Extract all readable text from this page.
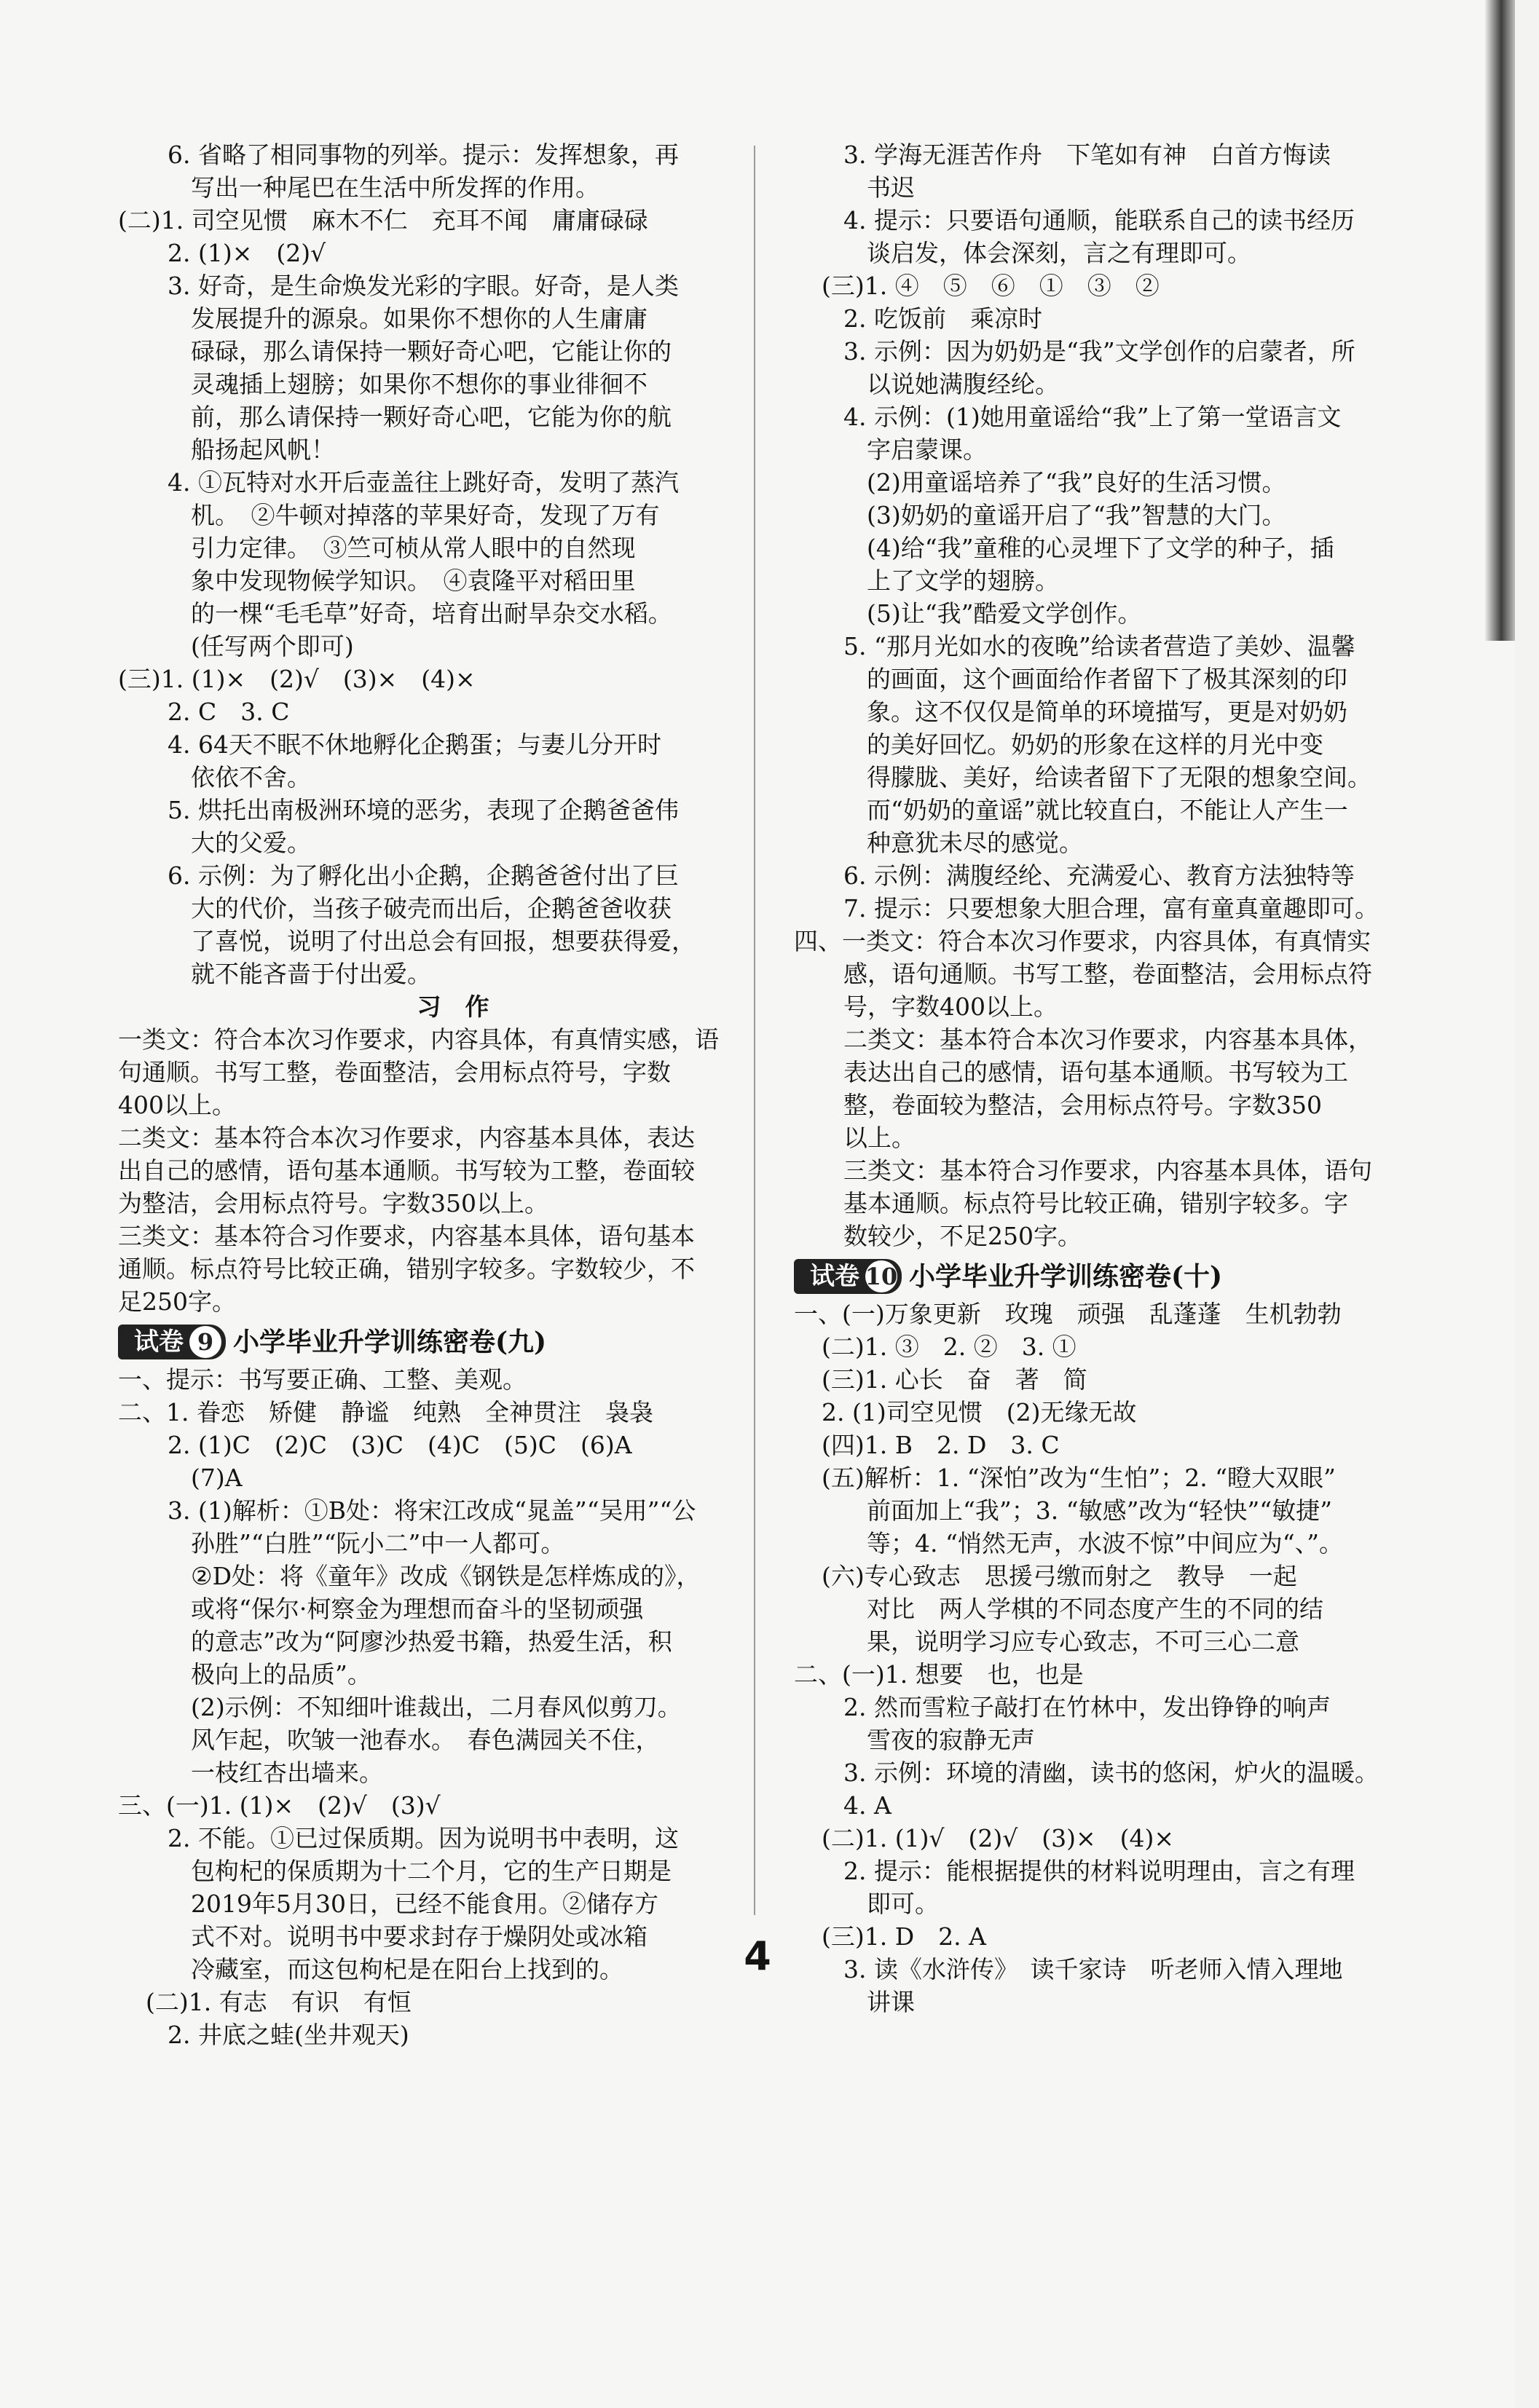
6. 省略了相同事物的列举。提示：发挥想象，再
写出一种尾巴在生活中所发挥的作用。
(二)1. 司空见惯　麻木不仁　充耳不闻　庸庸碌碌
2. (1)×　(2)√
3. 好奇，是生命焕发光彩的字眼。好奇，是人类
发展提升的源泉。如果你不想你的人生庸庸
碌碌，那么请保持一颗好奇心吧，它能让你的
灵魂插上翅膀；如果你不想你的事业徘徊不
前，那么请保持一颗好奇心吧，它能为你的航
船扬起风帆！
4. ①瓦特对水开后壶盖往上跳好奇，发明了蒸汽
机。　②牛顿对掉落的苹果好奇，发现了万有
引力定律。　③竺可桢从常人眼中的自然现
象中发现物候学知识。　④袁隆平对稻田里
的一棵“毛毛草”好奇，培育出耐旱杂交水稻。
(任写两个即可)
(三)1. (1)×　(2)√　(3)×　(4)×
2. C　3. C
4. 64天不眠不休地孵化企鹅蛋；与妻儿分开时
依依不舍。
5. 烘托出南极洲环境的恶劣，表现了企鹅爸爸伟
大的父爱。
6. 示例：为了孵化出小企鹅，企鹅爸爸付出了巨
大的代价，当孩子破壳而出后，企鹅爸爸收获
了喜悦，说明了付出总会有回报，想要获得爱，
就不能吝啬于付出爱。
习　作
一类文：符合本次习作要求，内容具体，有真情实感，语
句通顺。书写工整，卷面整洁，会用标点符号，字数
400以上。
二类文：基本符合本次习作要求，内容基本具体，表达
出自己的感情，语句基本通顺。书写较为工整，卷面较
为整洁，会用标点符号。字数350以上。
三类文：基本符合习作要求，内容基本具体，语句基本
通顺。标点符号比较正确，错别字较多。字数较少，不
足250字。
试卷 9 小学毕业升学训练密卷(九)
一、提示：书写要正确、工整、美观。
二、1. 眷恋　矫健　静谧　纯熟　全神贯注　袅袅
2. (1)C　(2)C　(3)C　(4)C　(5)C　(6)A
(7)A
3. (1)解析：①B处：将宋江改成“晁盖”“吴用”“公
孙胜”“白胜”“阮小二”中一人都可。
②D处：将《童年》改成《钢铁是怎样炼成的》，
或将“保尔·柯察金为理想而奋斗的坚韧顽强
的意志”改为“阿廖沙热爱书籍，热爱生活，积
极向上的品质”。
(2)示例：不知细叶谁裁出，二月春风似剪刀。
风乍起，吹皱一池春水。　春色满园关不住，
一枝红杏出墙来。
三、(一)1. (1)×　(2)√　(3)√
2. 不能。①已过保质期。因为说明书中表明，这
包枸杞的保质期为十二个月，它的生产日期是
2019年5月30日，已经不能食用。②储存方
式不对。说明书中要求封存于燥阴处或冰箱
冷藏室，而这包枸杞是在阳台上找到的。
(二)1. 有志　有识　有恒
2. 井底之蛙(坐井观天)
3. 学海无涯苦作舟　下笔如有神　白首方悔读
书迟
4. 提示：只要语句通顺，能联系自己的读书经历
谈启发，体会深刻，言之有理即可。
(三)1. ④　⑤　⑥　①　③　②
2. 吃饭前　乘凉时
3. 示例：因为奶奶是“我”文学创作的启蒙者，所
以说她满腹经纶。
4. 示例：(1)她用童谣给“我”上了第一堂语言文
字启蒙课。
(2)用童谣培养了“我”良好的生活习惯。
(3)奶奶的童谣开启了“我”智慧的大门。
(4)给“我”童稚的心灵埋下了文学的种子，插
上了文学的翅膀。
(5)让“我”酷爱文学创作。
5. “那月光如水的夜晚”给读者营造了美妙、温馨
的画面，这个画面给作者留下了极其深刻的印
象。这不仅仅是简单的环境描写，更是对奶奶
的美好回忆。奶奶的形象在这样的月光中变
得朦胧、美好，给读者留下了无限的想象空间。
而“奶奶的童谣”就比较直白，不能让人产生一
种意犹未尽的感觉。
6. 示例：满腹经纶、充满爱心、教育方法独特等
7. 提示：只要想象大胆合理，富有童真童趣即可。
四、一类文：符合本次习作要求，内容具体，有真情实
感，语句通顺。书写工整，卷面整洁，会用标点符
号，字数400以上。
二类文：基本符合本次习作要求，内容基本具体，
表达出自己的感情，语句基本通顺。书写较为工
整，卷面较为整洁，会用标点符号。字数350
以上。
三类文：基本符合习作要求，内容基本具体，语句
基本通顺。标点符号比较正确，错别字较多。字
数较少，不足250字。
试卷 10 小学毕业升学训练密卷(十)
一、(一)万象更新　玫瑰　顽强　乱蓬蓬　生机勃勃
(二)1. ③　2. ②　3. ①
(三)1. 心长　奋　著　简
2. (1)司空见惯　(2)无缘无故
(四)1. B　2. D　3. C
(五)解析：1. “深怕”改为“生怕”；2. “瞪大双眼”
前面加上“我”；3. “敏感”改为“轻快”“敏捷”
等；4. “悄然无声，水波不惊”中间应为“、”。
(六)专心致志　思援弓缴而射之　教导　一起
对比　两人学棋的不同态度产生的不同的结
果，说明学习应专心致志，不可三心二意
二、(一)1. 想要　也，也是
2. 然而雪粒子敲打在竹林中，发出铮铮的响声
雪夜的寂静无声
3. 示例：环境的清幽，读书的悠闲，炉火的温暖。
4. A
(二)1. (1)√　(2)√　(3)×　(4)×
2. 提示：能根据提供的材料说明理由，言之有理
即可。
(三)1. D　2. A
3. 读《水浒传》　读千家诗　听老师入情入理地
讲课
4
